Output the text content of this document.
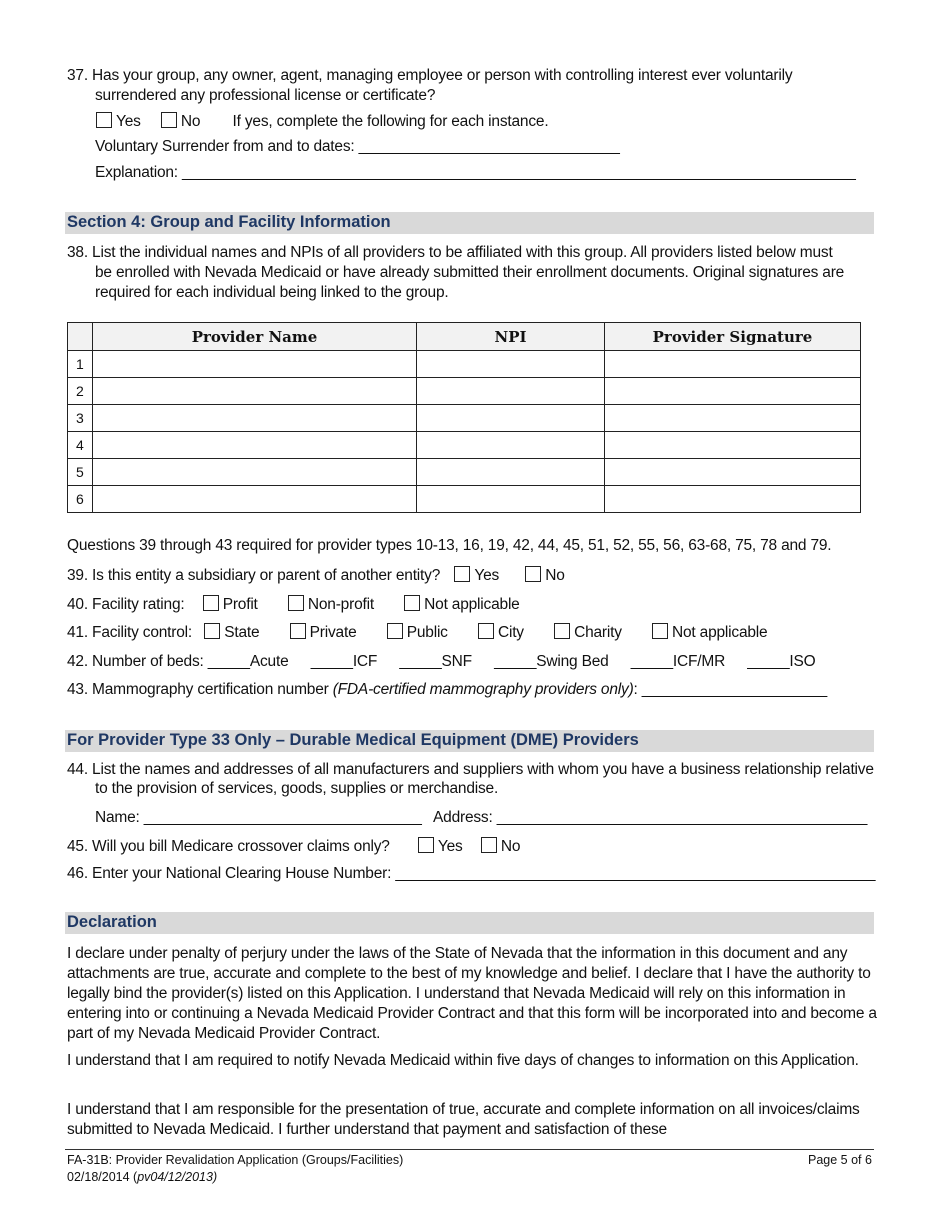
37. Has your group, any owner, agent, managing employee or person with controlling interest ever voluntarily
surrendered any professional license or certificate?
Yes	No If yes, complete the following for each instance.
Voluntary Surrender from and to dates: _______________________________
Explanation: ________________________________________________________________________________
Section 4: Group and Facility Information
38. List the individual names and NPIs of all providers to be affiliated with this group. All providers listed below must
be enrolled with Nevada Medicaid or have already submitted their enrollment documents. Original signatures are
required for each individual being linked to the group.
	Provider Name	NPI	Provider Signature
1			
2			
3			
4			
5			
6			
Questions 39 through 43 required for provider types 10-13, 16, 19, 42, 44, 45, 51, 52, 55, 56, 63-68, 75, 78 and 79.
39. Is this entity a subsidiary or parent of another entity? Yes	No
40. Facility rating: Profit	Non-profit	Not applicable
41. Facility control: State	Private	Public	City	Charity	Not applicable
42. Number of beds: _____Acute _____ICF _____SNF _____Swing Bed _____ICF/MR _____ISO
43. Mammography certification number (FDA-certified mammography providers only): ______________________
For Provider Type 33 Only – Durable Medical Equipment (DME) Providers
44. List the names and addresses of all manufacturers and suppliers with whom you have a business relationship relative
to the provision of services, goods, supplies or merchandise.
Name: _________________________________ Address: ____________________________________________
45. Will you bill Medicare crossover claims only?	Yes No
46. Enter your National Clearing House Number: _________________________________________________________
Declaration
I declare under penalty of perjury under the laws of the State of Nevada that the information in this document and any attachments are true, accurate and complete to the best of my knowledge and belief. I declare that I have the authority to legally bind the provider(s) listed on this Application. I understand that Nevada Medicaid will rely on this information in entering into or continuing a Nevada Medicaid Provider Contract and that this form will be incorporated into and become a part of my Nevada Medicaid Provider Contract.
I understand that I am required to notify Nevada Medicaid within five days of changes to information on this Application.
I understand that I am responsible for the presentation of true, accurate and complete information on all invoices/claims submitted to Nevada Medicaid. I further understand that payment and satisfaction of these
FA-31B: Provider Revalidation Application (Groups/Facilities)
02/18/2014 (pv04/12/2013)
Page 5 of 6
